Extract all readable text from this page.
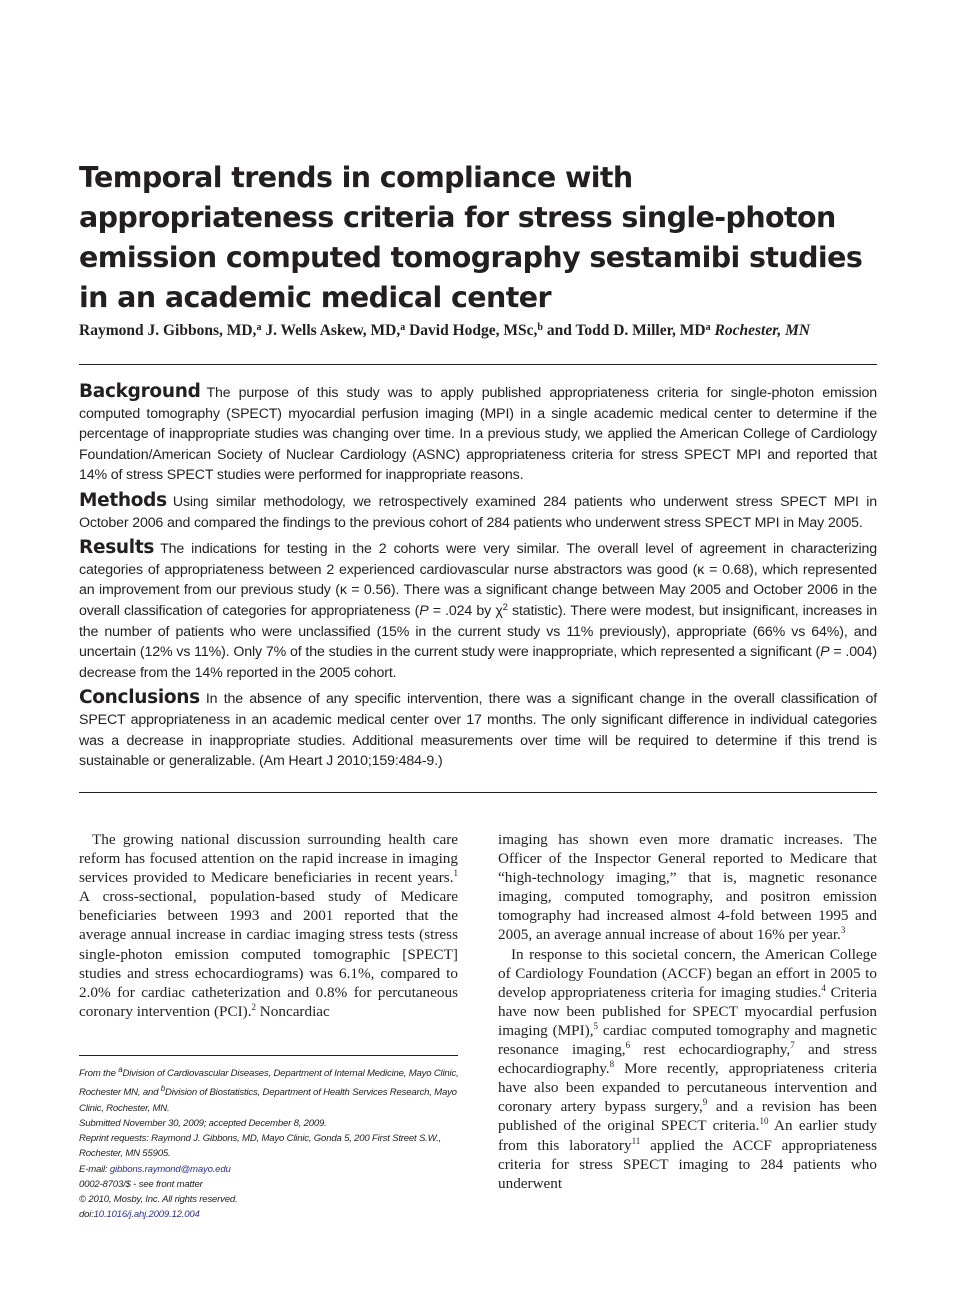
Temporal trends in compliance with appropriateness criteria for stress single-photon emission computed tomography sestamibi studies in an academic medical center
Raymond J. Gibbons, MD,$^a$ J. Wells Askew, MD,$^a$ David Hodge, MSc,$^b$ and Todd D. Miller, $MD^a$ Rochester, MN

Background The purpose of this study was to apply published appropriateness criteria for single-photon emission computed tomography (SPECT) myocardial perfusion imaging (MPI) in a single academic medical center to determine if the percentage of inappropriate studies was changing over time. In a previous study, we applied the American College of Cardiology Foundation/American Society of Nuclear Cardiology (ASNC) appropriateness criteria for stress SPECT MPI and reported that 14% of stress SPECT studies were performed for inappropriate reasons.

Methods Using similar methodology, we retrospectively examined 284 patients who underwent stress SPECT MPI in October 2006 and compared the findings to the previous cohort of 284 patients who underwent stress SPECT MPI in May 2005.

Results The indications for testing in the 2 cohorts were very similar. The overall level of agreement in characterizing categories of appropriateness between 2 experienced cardiovascular nurse abstractors was good (κ = 0.68), which represented an improvement from our previous study (κ = 0.56). There was a significant change between May 2005 and October 2006 in the overall classification of categories for appropriateness (P = .024 by $\chi^2$ statistic). There were modest, but insignificant, increases in the number of patients who were unclassified (15% in the current study vs 11% previously), appropriate (66% vs 64%), and uncertain (12% vs 11%). Only 7% of the studies in the current study were inappropriate, which represented a significant (P = .004) decrease from the 14% reported in the 2005 cohort.

Conclusions In the absence of any specific intervention, there was a significant change in the overall classification of SPECT appropriateness in an academic medical center over 17 months. The only significant difference in individual categories was a decrease in inappropriate studies. Additional measurements over time will be required to determine if this trend is sustainable or generalizable. (Am Heart J 2010;159:484-9.)

The growing national discussion surrounding health care reform has focused attention on the rapid increase in imaging services provided to Medicare beneficiaries in recent years.$^1$ A cross-sectional, population-based study of Medicare beneficiaries between 1993 and 2001 reported that the average annual increase in cardiac imaging stress tests (stress single-photon emission computed tomographic [SPECT] studies and stress echocardiograms) was 6.1%, compared to 2.0% for cardiac catheterization and 0.8% for percutaneous coronary intervention (PCI).$^2$ Noncardiac

imaging has shown even more dramatic increases. The Officer of the Inspector General reported to Medicare that “high-technology imaging,” that is, magnetic resonance imaging, computed tomography, and positron emission tomography had increased almost 4-fold between 1995 and 2005, an average annual increase of about 16% per year.$^3$

In response to this societal concern, the American College of Cardiology Foundation (ACCF) began an effort in 2005 to develop appropriateness criteria for imaging studies.$^4$ Criteria have now been published for SPECT myocardial perfusion imaging (MPI),$^5$ cardiac computed tomography and magnetic resonance imaging,$^6$ rest echocardiography,$^7$ and stress echocardiography.$^8$ More recently, appropriateness criteria have also been expanded to percutaneous intervention and coronary artery bypass surgery,$^9$ and a revision has been published of the original SPECT criteria.$^{10}$ An earlier study from this laboratory$^{11}$ applied the ACCF appropriateness criteria for stress SPECT imaging to 284 patients who underwent

From the $^a$Division of Cardiovascular Diseases, Department of Internal Medicine, Mayo Clinic, Rochester MN, and $^b$Division of Biostatistics, Department of Health Services Research, Mayo Clinic, Rochester, MN.
Submitted November 30, 2009; accepted December 8, 2009.
Reprint requests: Raymond J. Gibbons, MD, Mayo Clinic, Gonda 5, 200 First Street S.W., Rochester, MN 55905.
E-mail: gibbons.raymond@mayo.edu
0002-8703/$ - see front matter
© 2010, Mosby, Inc. All rights reserved.
doi:10.1016/j.ahj.2009.12.004
